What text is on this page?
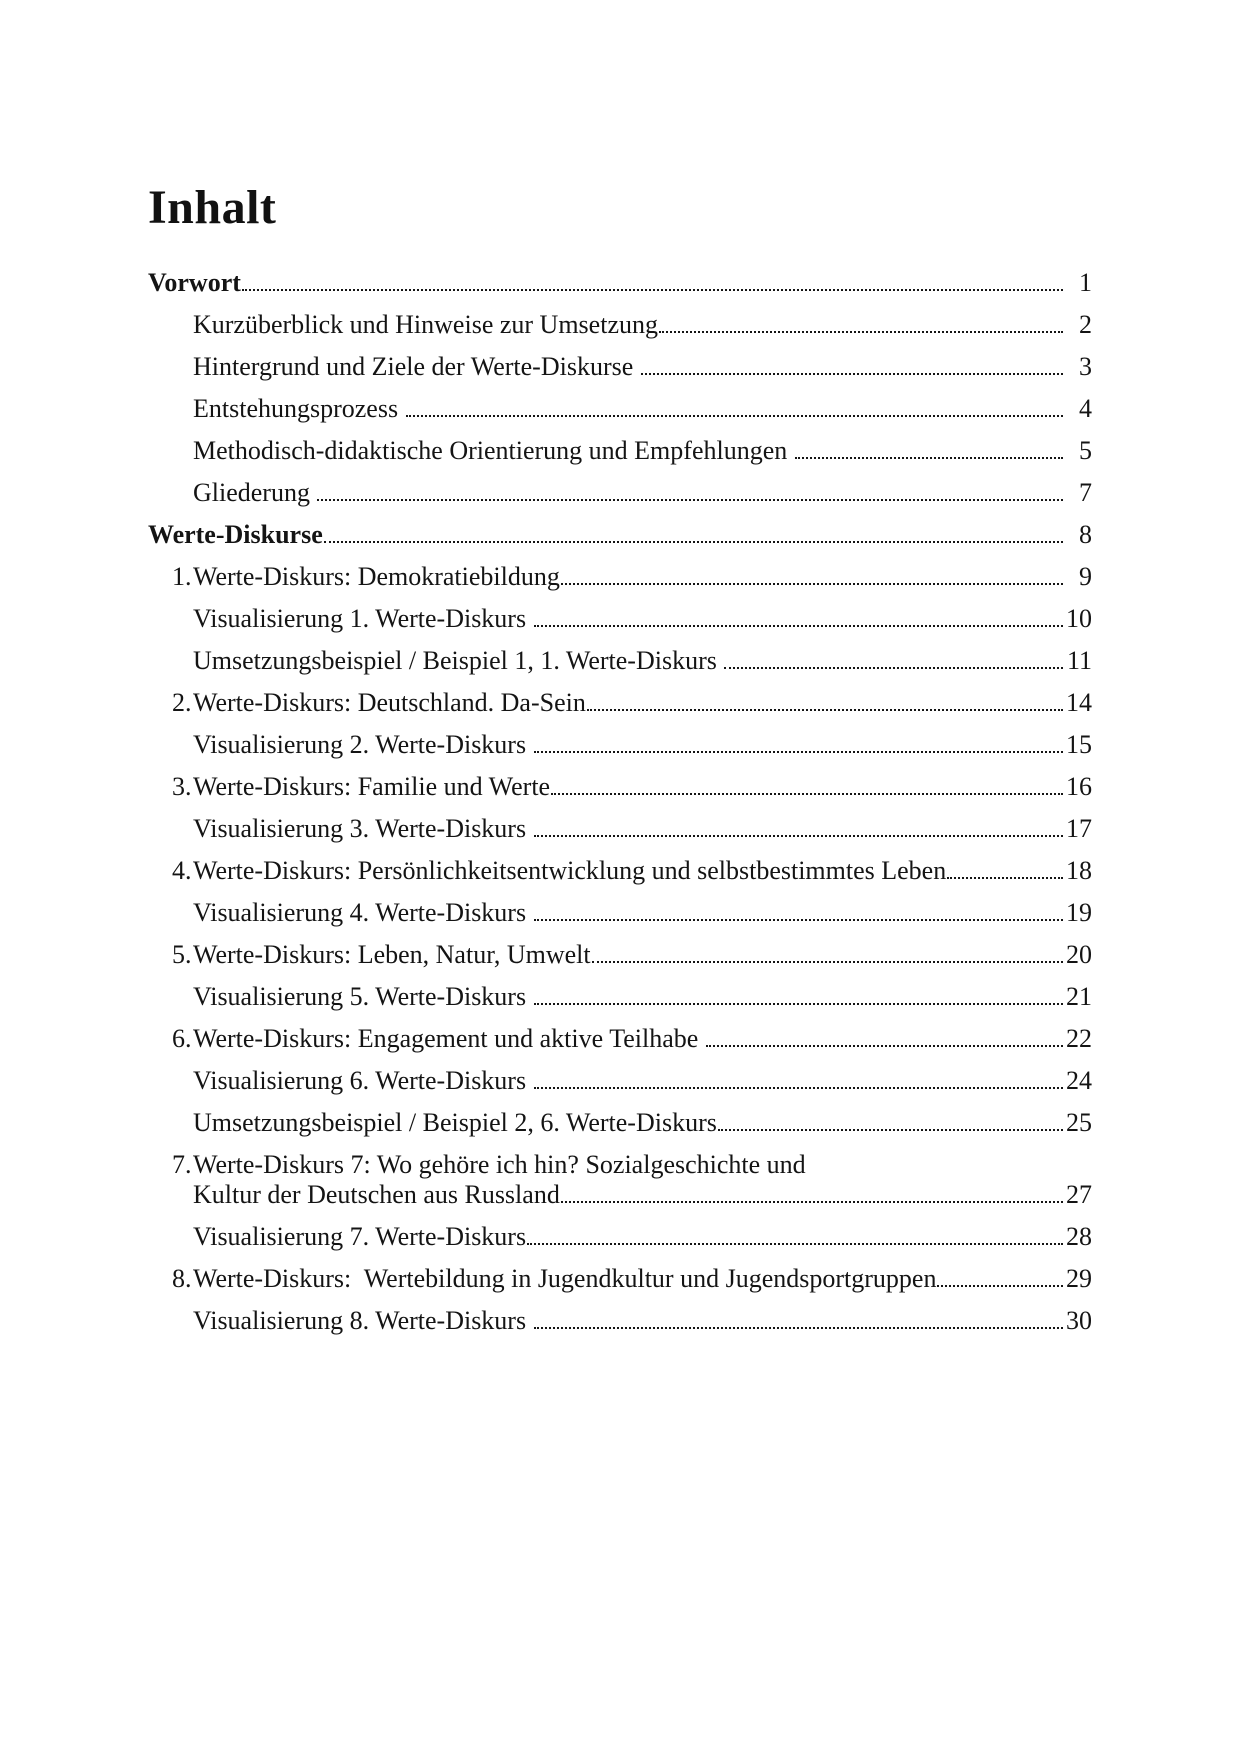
Inhalt
Vorwort	1
Kurzüberblick und Hinweise zur Umsetzung	2
Hintergrund und Ziele der Werte-Diskurse	3
Entstehungsprozess	4
Methodisch-didaktische Orientierung und Empfehlungen	5
Gliederung	7
Werte-Diskurse	8
1. Werte-Diskurs: Demokratiebildung	9
Visualisierung 1. Werte-Diskurs	10
Umsetzungsbeispiel / Beispiel 1, 1. Werte-Diskurs	11
2. Werte-Diskurs: Deutschland. Da-Sein	14
Visualisierung 2. Werte-Diskurs	15
3. Werte-Diskurs: Familie und Werte	16
Visualisierung 3. Werte-Diskurs	17
4. Werte-Diskurs: Persönlichkeitsentwicklung und selbstbestimmtes Leben	18
Visualisierung 4. Werte-Diskurs	19
5. Werte-Diskurs: Leben, Natur, Umwelt	20
Visualisierung 5. Werte-Diskurs	21
6. Werte-Diskurs: Engagement und aktive Teilhabe	22
Visualisierung 6. Werte-Diskurs	24
Umsetzungsbeispiel / Beispiel 2, 6. Werte-Diskurs	25
7. Werte-Diskurs 7: Wo gehöre ich hin? Sozialgeschichte und
Kultur der Deutschen aus Russland	27
Visualisierung 7. Werte-Diskurs	28
8. Werte-Diskurs:  Wertebildung in Jugendkultur und Jugendsportgruppen	29
Visualisierung 8. Werte-Diskurs	30
